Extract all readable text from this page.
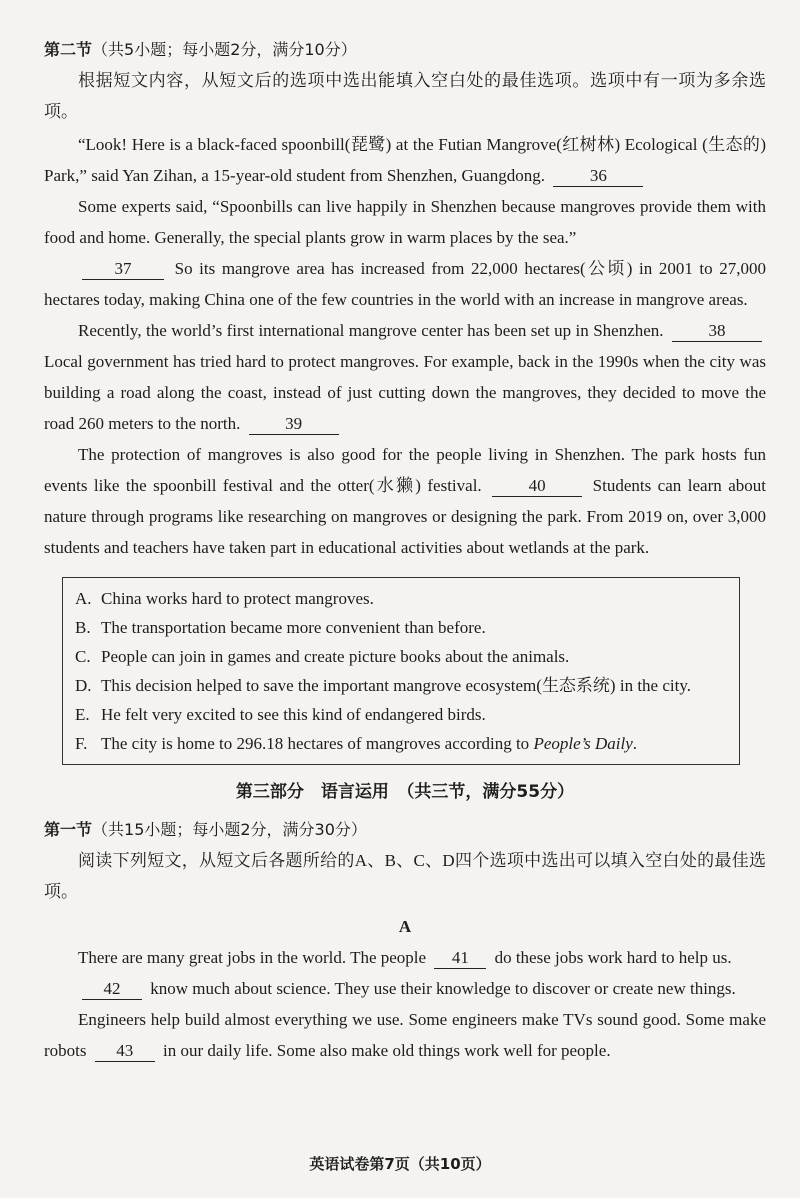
第二节（共5小题；每小题2分，满分10分）

根据短文内容，从短文后的选项中选出能填入空白处的最佳选项。选项中有一项为多余选项。

“Look! Here is a black-faced spoonbill(琵鹭) at the Futian Mangrove(红树林) Ecological (生态的) Park,” said Yan Zihan, a 15-year-old student from Shenzhen, Guangdong.	36

Some experts said, “Spoonbills can live happily in Shenzhen because mangroves provide them with food and home. Generally, the special plants grow in warm places by the sea.”

37	So its mangrove area has increased from 22,000 hectares(公顷) in 2001 to 27,000 hectares today, making China one of the few countries in the world with an increase in mangrove areas.

Recently, the world’s first international mangrove center has been set up in Shenzhen.	38 Local government has tried hard to protect mangroves. For example, back in the 1990s when the city was building a road along the coast, instead of just cutting down the mangroves, they decided to move the road 260 meters to the north.	39

The protection of mangroves is also good for the people living in Shenzhen. The park hosts fun events like the spoonbill festival and the otter(水獭) festival.	40	Students can learn about nature through programs like researching on mangroves or designing the park. From 2019 on, over 3,000 students and teachers have taken part in educational activities about wetlands at the park.

A. China works hard to protect mangroves.
B. The transportation became more convenient than before.
C. People can join in games and create picture books about the animals.
D. This decision helped to save the important mangrove ecosystem(生态系统) in the city.
E. He felt very excited to see this kind of endangered birds.
F. The city is home to 296.18 hectares of mangroves according to People’s Daily.

第三部分　语言运用　（共三节，满分55分）

第一节（共15小题；每小题2分，满分30分）

阅读下列短文，从短文后各题所给的A、B、C、D四个选项中选出可以填入空白处的最佳选项。

A

There are many great jobs in the world. The people 41 do these jobs work hard to help us.

42 know much about science. They use their knowledge to discover or create new things.

Engineers help build almost everything we use. Some engineers make TVs sound good. Some make robots 43 in our daily life. Some also make old things work well for people.

英语试卷第7页（共10页）
